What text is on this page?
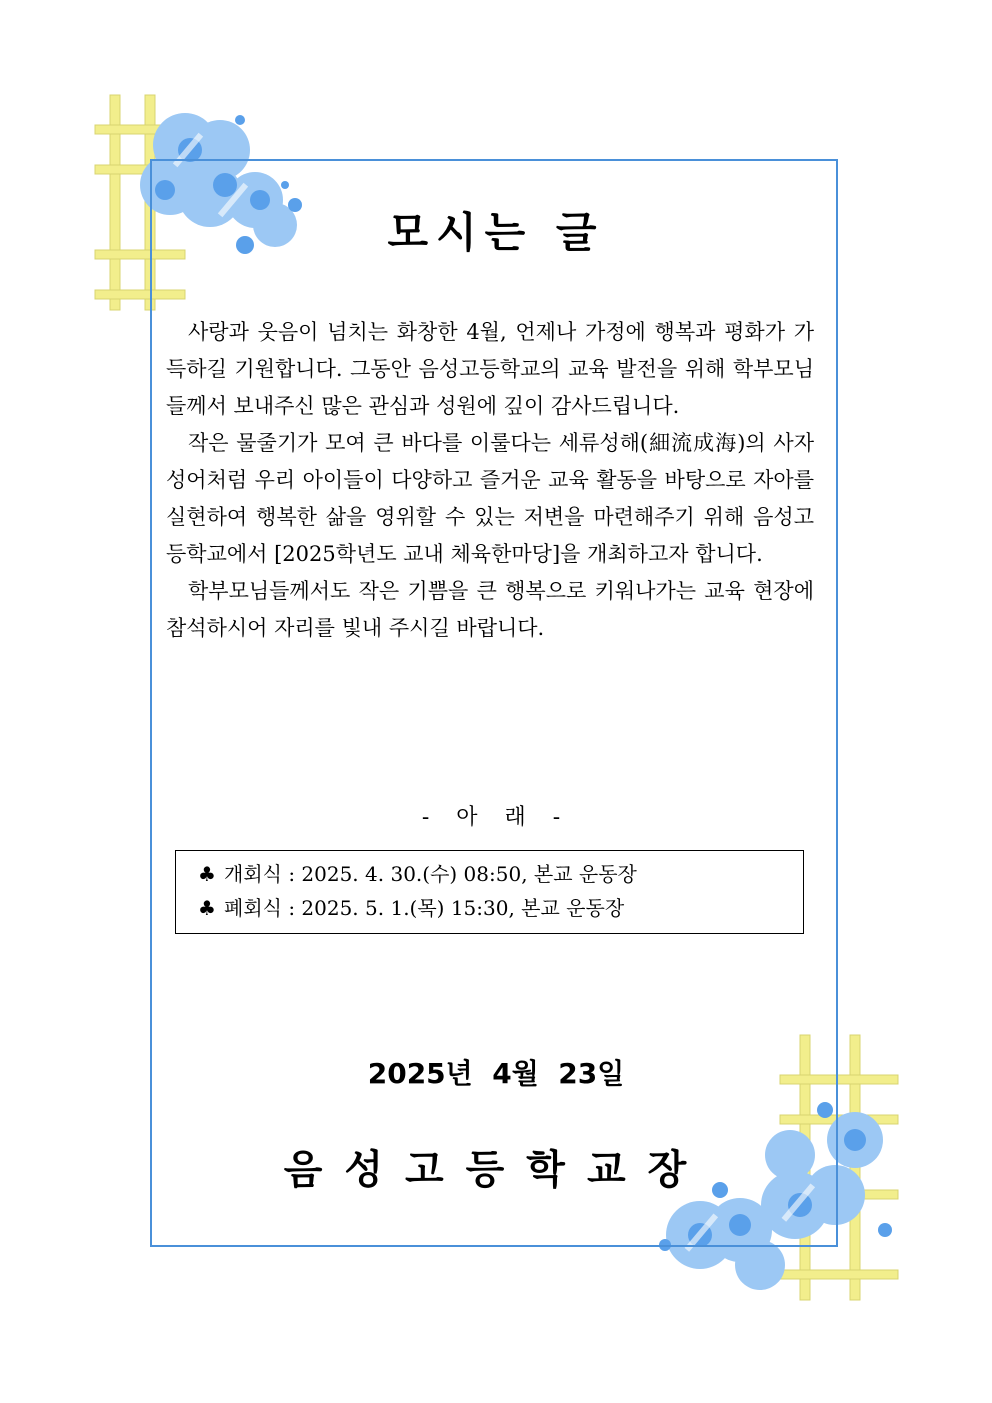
모시는 글

사랑과 웃음이 넘치는 화창한 4월, 언제나 가정에 행복과 평화가 가득하길 기원합니다. 그동안 음성고등학교의 교육 발전을 위해 학부모님들께서 보내주신 많은 관심과 성원에 깊이 감사드립니다.

작은 물줄기가 모여 큰 바다를 이룰다는 세류성해(細流成海)의 사자성어처럼 우리 아이들이 다양하고 즐거운 교육 활동을 바탕으로 자아를 실현하여 행복한 삶을 영위할 수 있는 저변을 마련해주기 위해 음성고등학교에서 [2025학년도 교내 체육한마당]을 개최하고자 합니다.

학부모님들께서도 작은 기쁨을 큰 행복으로 키워나가는 교육 현장에 참석하시어 자리를 빛내 주시길 바랍니다.

- 아 래 -
♣ 개회식 : 2025. 4. 30.(수) 08:50, 본교 운동장
♣ 폐회식 : 2025. 5. 1.(목) 15:30, 본교 운동장
2025년  4월  23일
음성고등학교장
